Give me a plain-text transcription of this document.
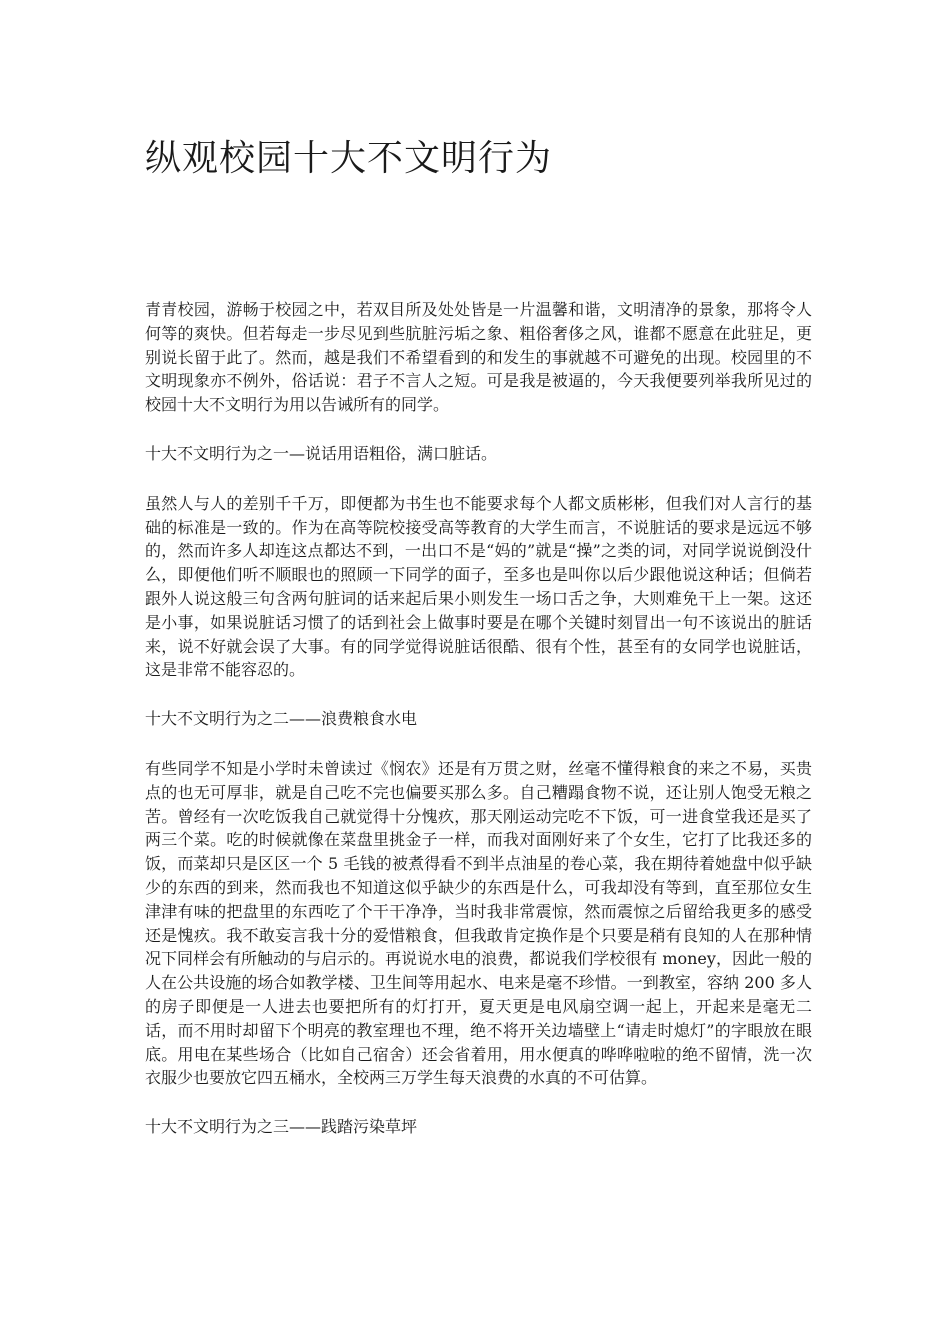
纵观校园十大不文明行为

青青校园，游畅于校园之中，若双目所及处处皆是一片温馨和谐，文明清净的景象，那将令人何等的爽快。但若每走一步尽见到些肮脏污垢之象、粗俗奢侈之风，谁都不愿意在此驻足，更别说长留于此了。然而，越是我们不希望看到的和发生的事就越不可避免的出现。校园里的不文明现象亦不例外，俗话说：君子不言人之短。可是我是被逼的，今天我便要列举我所见过的校园十大不文明行为用以告诫所有的同学。

十大不文明行为之一—说话用语粗俗，满口脏话。

虽然人与人的差别千千万，即便都为书生也不能要求每个人都文质彬彬，但我们对人言行的基础的标准是一致的。作为在高等院校接受高等教育的大学生而言，不说脏话的要求是远远不够的，然而许多人却连这点都达不到，一出口不是“妈的”就是“操”之类的词，对同学说说倒没什么，即便他们听不顺眼也的照顾一下同学的面子，至多也是叫你以后少跟他说这种话；但倘若跟外人说这般三句含两句脏词的话来起后果小则发生一场口舌之争，大则难免干上一架。这还是小事，如果说脏话习惯了的话到社会上做事时要是在哪个关键时刻冒出一句不该说出的脏话来，说不好就会误了大事。有的同学觉得说脏话很酷、很有个性，甚至有的女同学也说脏话，这是非常不能容忍的。

十大不文明行为之二——浪费粮食水电

有些同学不知是小学时未曾读过《悯农》还是有万贯之财，丝毫不懂得粮食的来之不易，买贵点的也无可厚非，就是自己吃不完也偏要买那么多。自己糟蹋食物不说，还让别人饱受无粮之苦。曾经有一次吃饭我自己就觉得十分愧疚，那天刚运动完吃不下饭，可一进食堂我还是买了两三个菜。吃的时候就像在菜盘里挑金子一样，而我对面刚好来了个女生，它打了比我还多的饭，而菜却只是区区一个 5 毛钱的被煮得看不到半点油星的卷心菜，我在期待着她盘中似乎缺少的东西的到来，然而我也不知道这似乎缺少的东西是什么，可我却没有等到，直至那位女生津津有味的把盘里的东西吃了个干干净净，当时我非常震惊，然而震惊之后留给我更多的感受还是愧疚。我不敢妄言我十分的爱惜粮食，但我敢肯定换作是个只要是稍有良知的人在那种情况下同样会有所触动的与启示的。再说说水电的浪费，都说我们学校很有 money，因此一般的人在公共设施的场合如教学楼、卫生间等用起水、电来是毫不珍惜。一到教室，容纳 200 多人的房子即便是一人进去也要把所有的灯打开，夏天更是电风扇空调一起上，开起来是毫无二话，而不用时却留下个明亮的教室理也不理，绝不将开关边墙壁上“请走时熄灯”的字眼放在眼底。用电在某些场合（比如自己宿舍）还会省着用，用水便真的哗哗啦啦的绝不留情，洗一次衣服少也要放它四五桶水，全校两三万学生每天浪费的水真的不可估算。

十大不文明行为之三——践踏污染草坪
